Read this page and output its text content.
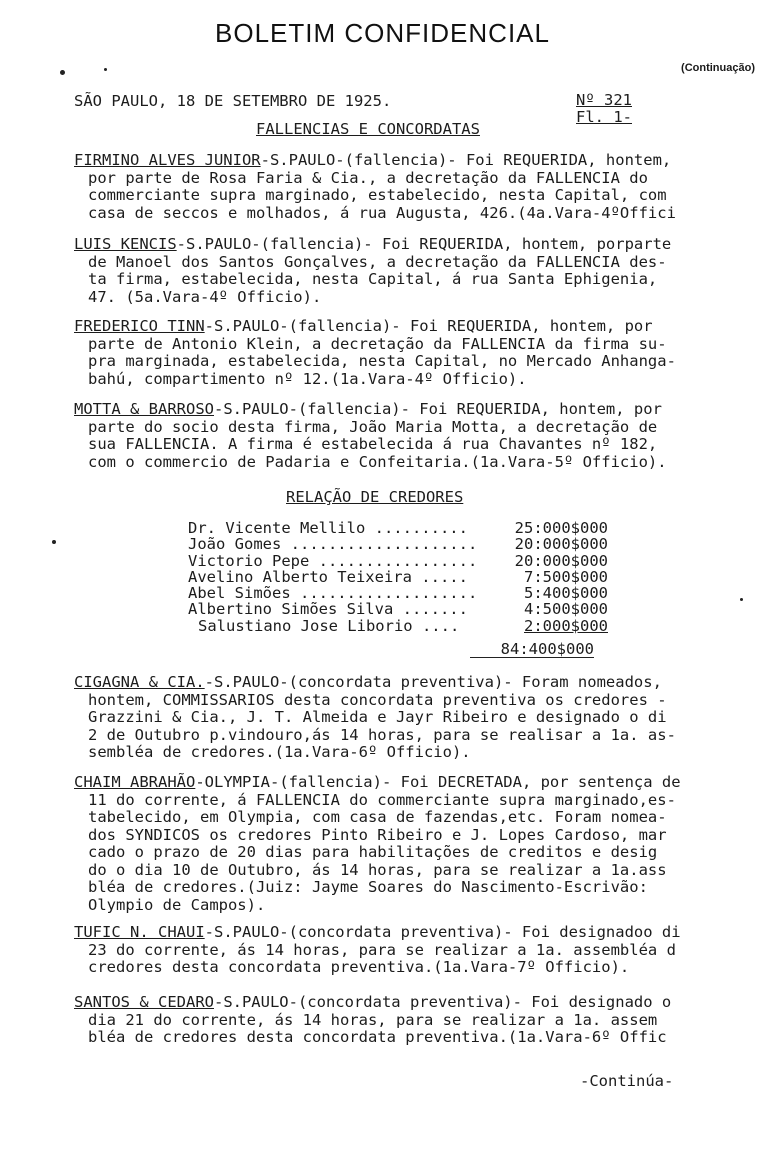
BOLETIM CONFIDENCIAL
(Continuação)
SÃO PAULO, 18 DE SETEMBRO DE 1925.	Nº 321
Fl. 1-
FALLENCIAS E CONCORDATAS
FIRMINO ALVES JUNIOR-S.PAULO-(fallencia)- Foi REQUERIDA, hontem,
por parte de Rosa Faria & Cia., a decretação da FALLENCIA do
commerciante supra marginado, estabelecido, nesta Capital, com
casa de seccos e molhados, á rua Augusta, 426.(4a.Vara-4ºOffici
LUIS KENCIS-S.PAULO-(fallencia)- Foi REQUERIDA, hontem, porparte
de Manoel dos Santos Gonçalves, a decretação da FALLENCIA des-
ta firma, estabelecida, nesta Capital, á rua Santa Ephigenia,
47. (5a.Vara-4º Officio).
FREDERICO TINN-S.PAULO-(fallencia)- Foi REQUERIDA, hontem, por
parte de Antonio Klein, a decretação da FALLENCIA da firma su-
pra marginada, estabelecida, nesta Capital, no Mercado Anhanga-
bahú, compartimento nº 12.(1a.Vara-4º Officio).
MOTTA & BARROSO-S.PAULO-(fallencia)- Foi REQUERIDA, hontem, por
parte do socio desta firma, João Maria Motta, a decretação de
sua FALLENCIA. A firma é estabelecida á rua Chavantes nº 182,
com o commercio de Padaria e Confeitaria.(1a.Vara-5º Officio).
RELAÇÃO DE CREDORES
Dr. Vicente Mellilo ..........	25:000$000
João Gomes ....................	20:000$000
Victorio Pepe .................	20:000$000
Avelino Alberto Teixeira .....	7:500$000
Abel Simões ...................	5:400$000
Albertino Simões Silva .......	4:500$000
Salustiano Jose Liborio ....	2:000$000
84:400$000
CIGAGNA & CIA.-S.PAULO-(concordata preventiva)- Foram nomeados,
hontem, COMMISSARIOS desta concordata preventiva os credores -
Grazzini & Cia., J. T. Almeida e Jayr Ribeiro e designado o di
2 de Outubro p.vindouro,ás 14 horas, para se realisar a 1a. as-
sembléa de credores.(1a.Vara-6º Officio).
CHAIM ABRAHÃO-OLYMPIA-(fallencia)- Foi DECRETADA, por sentença de
11 do corrente, á FALLENCIA do commerciante supra marginado,es-
tabelecido, em Olympia, com casa de fazendas,etc. Foram nomea-
dos SYNDICOS os credores Pinto Ribeiro e J. Lopes Cardoso, mar
cado o prazo de 20 dias para habilitações de creditos e desig
do o dia 10 de Outubro, ás 14 horas, para se realizar a 1a.ass
bléa de credores.(Juiz: Jayme Soares do Nascimento-Escrivão:
Olympio de Campos).
TUFIC N. CHAUI-S.PAULO-(concordata preventiva)- Foi designadoo di
23 do corrente, ás 14 horas, para se realizar a 1a. assembléa d
credores desta concordata preventiva.(1a.Vara-7º Officio).
SANTOS & CEDARO-S.PAULO-(concordata preventiva)- Foi designado o
dia 21 do corrente, ás 14 horas, para se realizar a 1a. assem
bléa de credores desta concordata preventiva.(1a.Vara-6º Offic
-Continúa-
